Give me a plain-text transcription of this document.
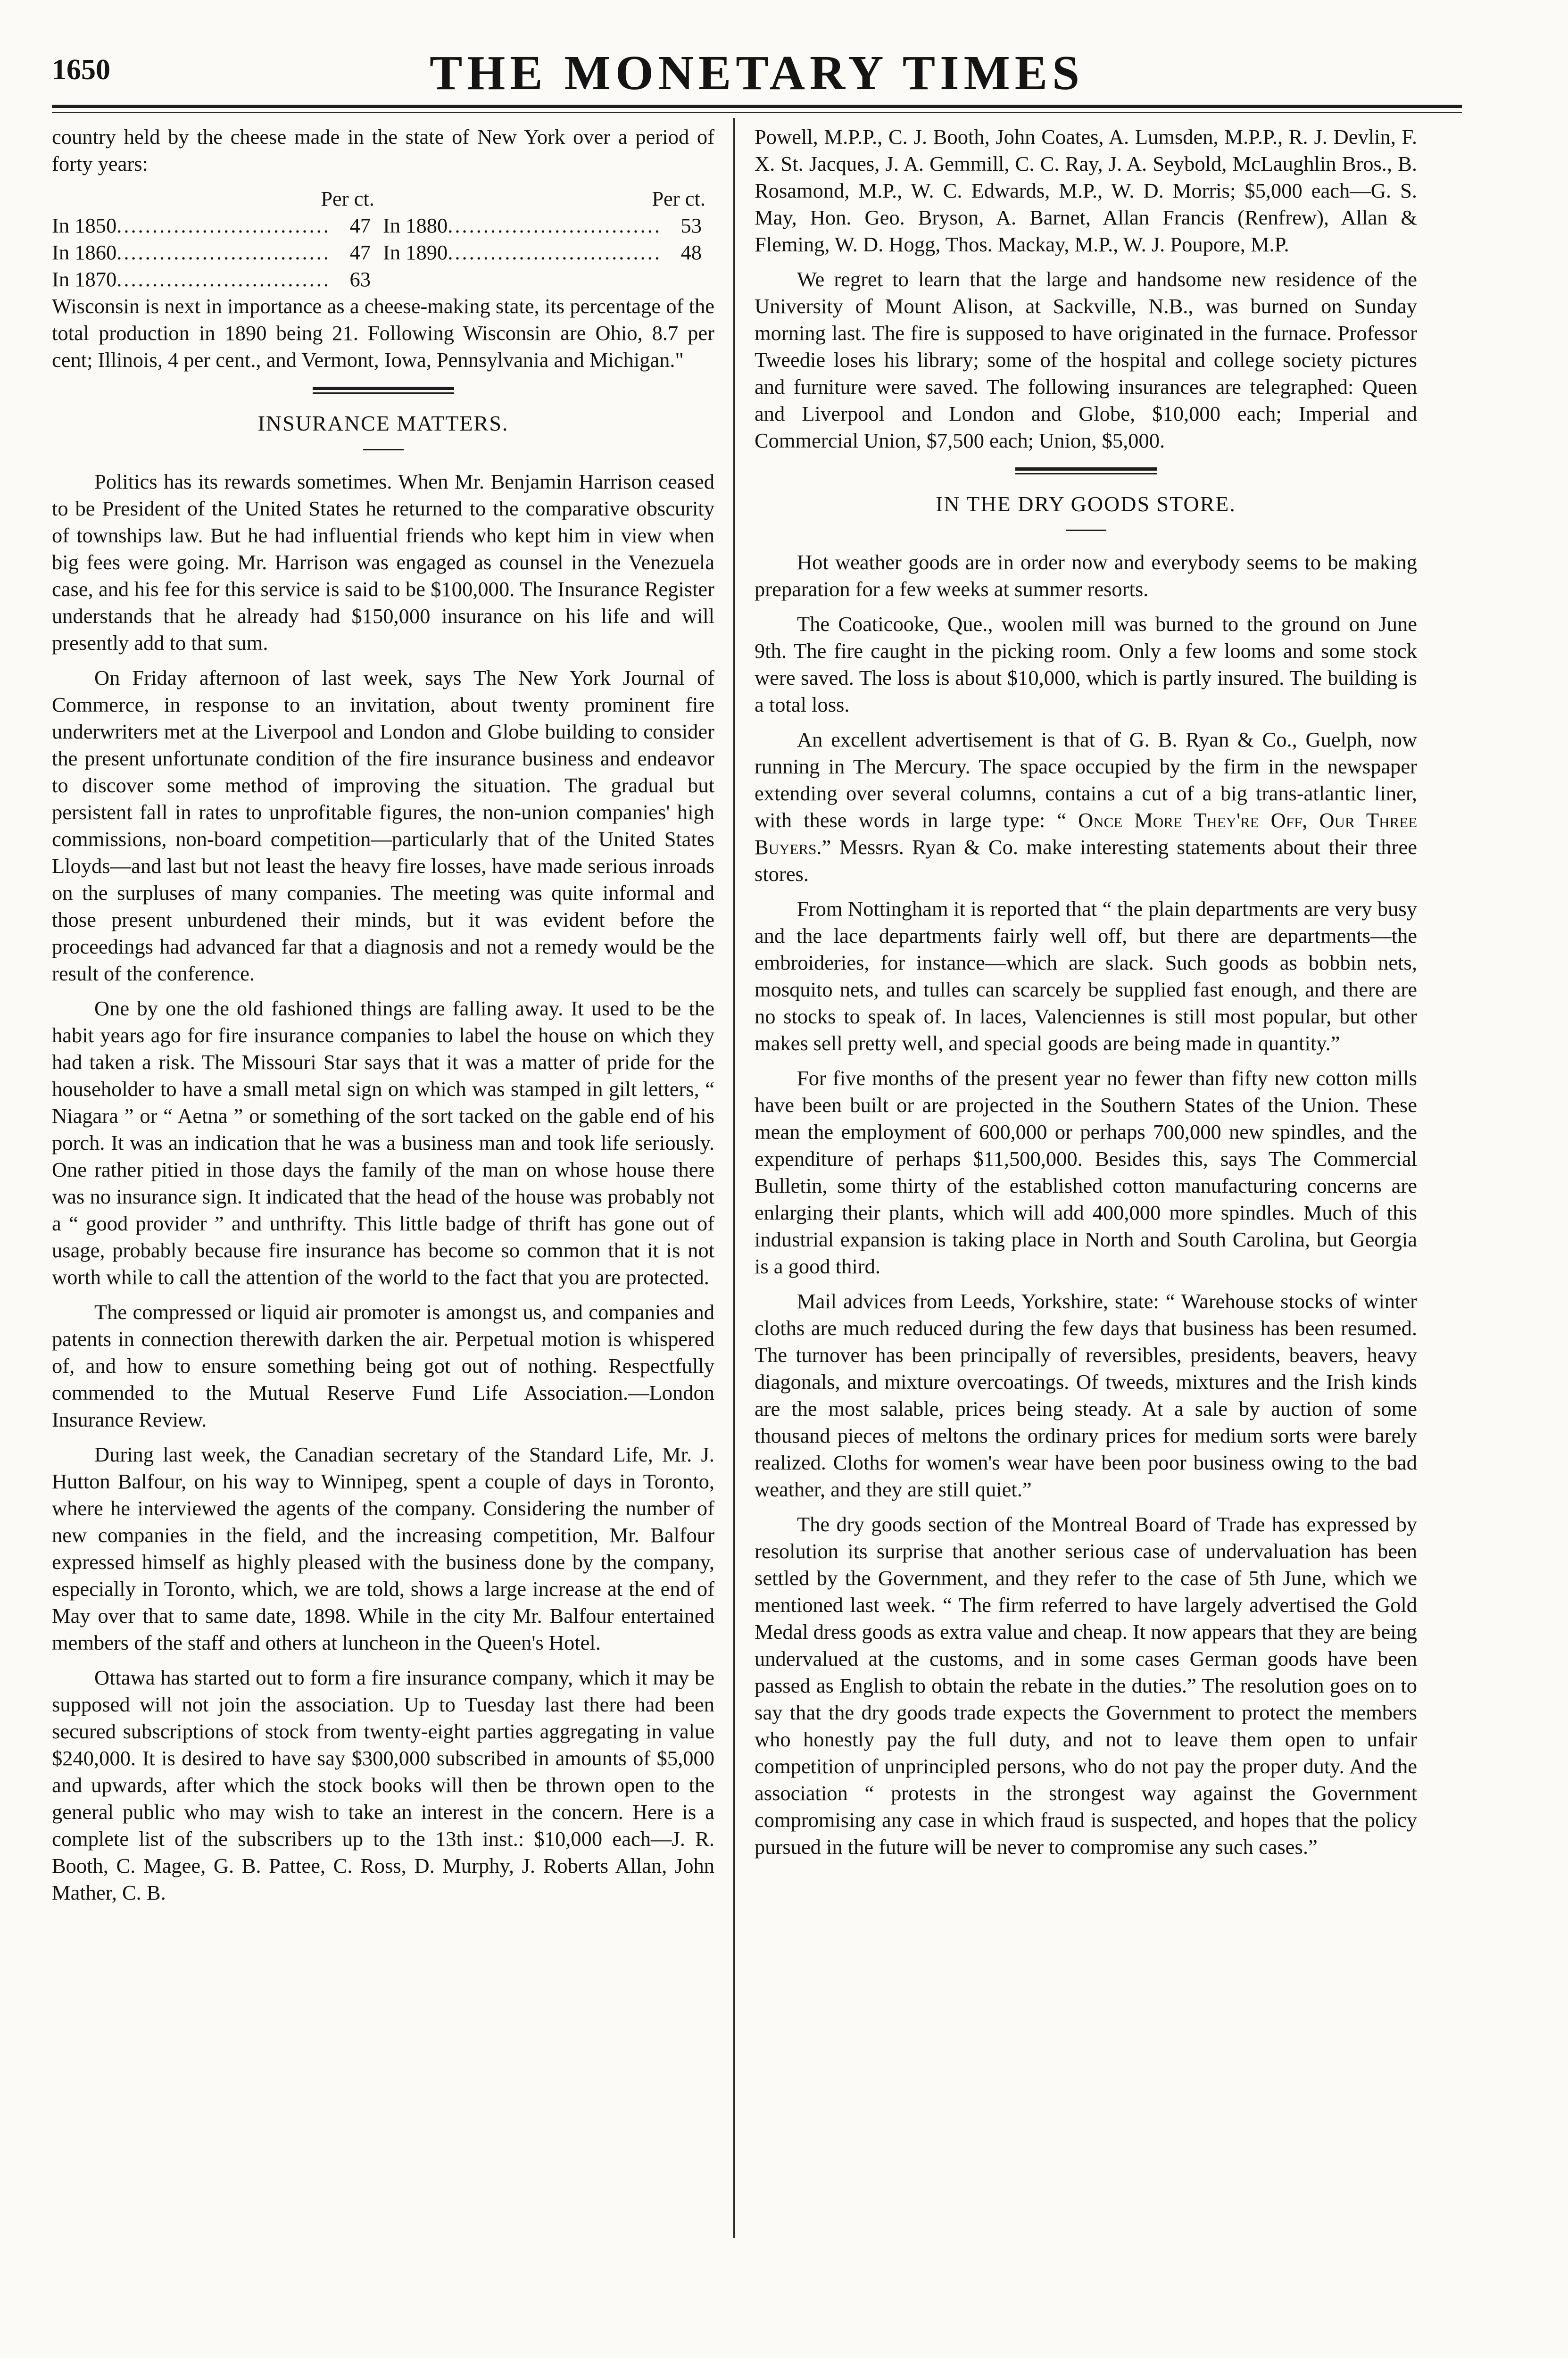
1650	THE MONETARY TIMES

country held by the cheese made in the state of New York over a period of forty years:

Per ct.	Per ct.
In 1850 .....	47 In 1880 .....	53
In 1860 .....	47 In 1890 .....	48
In 1870 .....	63

Wisconsin is next in importance as a cheese-making state, its percentage of the total production in 1890 being 21. Following Wisconsin are Ohio, 8.7 per cent; Illinois, 4 per cent., and Vermont, Iowa, Pennsylvania and Michigan."

INSURANCE MATTERS.

Politics has its rewards sometimes. When Mr. Benjamin Harrison ceased to be President of the United States he returned to the comparative obscurity of townships law. But he had influential friends who kept him in view when big fees were going. Mr. Harrison was engaged as counsel in the Venezuela case, and his fee for this service is said to be $100,000. The Insurance Register understands that he already had $150,000 insurance on his life and will presently add to that sum.

On Friday afternoon of last week, says The New York Journal of Commerce, in response to an invitation, about twenty prominent fire underwriters met at the Liverpool and London and Globe building to consider the present unfortunate condition of the fire insurance business and endeavor to discover some method of improving the situation. The gradual but persistent fall in rates to unprofitable figures, the non-union companies' high commissions, non-board competition—particularly that of the United States Lloyds—and last but not least the heavy fire losses, have made serious inroads on the surpluses of many companies. The meeting was quite informal and those present unburdened their minds, but it was evident before the proceedings had advanced far that a diagnosis and not a remedy would be the result of the conference.

One by one the old fashioned things are falling away. It used to be the habit years ago for fire insurance companies to label the house on which they had taken a risk. The Missouri Star says that it was a matter of pride for the householder to have a small metal sign on which was stamped in gilt letters, “ Niagara ” or “ Aetna ” or something of the sort tacked on the gable end of his porch. It was an indication that he was a business man and took life seriously. One rather pitied in those days the family of the man on whose house there was no insurance sign. It indicated that the head of the house was probably not a “ good provider ” and unthrifty. This little badge of thrift has gone out of usage, probably because fire insurance has become so common that it is not worth while to call the attention of the world to the fact that you are protected.

The compressed or liquid air promoter is amongst us, and companies and patents in connection therewith darken the air. Perpetual motion is whispered of, and how to ensure something being got out of nothing. Respectfully commended to the Mutual Reserve Fund Life Association.—London Insurance Review.

During last week, the Canadian secretary of the Standard Life, Mr. J. Hutton Balfour, on his way to Winnipeg, spent a couple of days in Toronto, where he interviewed the agents of the company. Considering the number of new companies in the field, and the increasing competition, Mr. Balfour expressed himself as highly pleased with the business done by the company, especially in Toronto, which, we are told, shows a large increase at the end of May over that to same date, 1898. While in the city Mr. Balfour entertained members of the staff and others at luncheon in the Queen's Hotel.

Ottawa has started out to form a fire insurance company, which it may be supposed will not join the association. Up to Tuesday last there had been secured subscriptions of stock from twenty-eight parties aggregating in value $240,000. It is desired to have say $300,000 subscribed in amounts of $5,000 and upwards, after which the stock books will then be thrown open to the general public who may wish to take an interest in the concern. Here is a complete list of the subscribers up to the 13th inst.: $10,000 each—J. R. Booth, C. Magee, G. B. Pattee, C. Ross, D. Murphy, J. Roberts Allan, John Mather, C. B.

Powell, M.P.P., C. J. Booth, John Coates, A. Lumsden, M.P.P., R. J. Devlin, F. X. St. Jacques, J. A. Gemmill, C. C. Ray, J. A. Seybold, McLaughlin Bros., B. Rosamond, M.P., W. C. Edwards, M.P., W. D. Morris; $5,000 each—G. S. May, Hon. Geo. Bryson, A. Barnet, Allan Francis (Renfrew), Allan & Fleming, W. D. Hogg, Thos. Mackay, M.P., W. J. Poupore, M.P.

We regret to learn that the large and handsome new residence of the University of Mount Alison, at Sackville, N.B., was burned on Sunday morning last. The fire is supposed to have originated in the furnace. Professor Tweedie loses his library; some of the hospital and college society pictures and furniture were saved. The following insurances are telegraphed: Queen and Liverpool and London and Globe, $10,000 each; Imperial and Commercial Union, $7,500 each; Union, $5,000.

IN THE DRY GOODS STORE.

Hot weather goods are in order now and everybody seems to be making preparation for a few weeks at summer resorts.

The Coaticooke, Que., woolen mill was burned to the ground on June 9th. The fire caught in the picking room. Only a few looms and some stock were saved. The loss is about $10,000, which is partly insured. The building is a total loss.

An excellent advertisement is that of G. B. Ryan & Co., Guelph, now running in The Mercury. The space occupied by the firm in the newspaper extending over several columns, contains a cut of a big trans-atlantic liner, with these words in large type: “ Once More They're Off, Our Three Buyers.” Messrs. Ryan & Co. make interesting statements about their three stores.

From Nottingham it is reported that “ the plain departments are very busy and the lace departments fairly well off, but there are departments—the embroideries, for instance—which are slack. Such goods as bobbin nets, mosquito nets, and tulles can scarcely be supplied fast enough, and there are no stocks to speak of. In laces, Valenciennes is still most popular, but other makes sell pretty well, and special goods are being made in quantity.”

For five months of the present year no fewer than fifty new cotton mills have been built or are projected in the Southern States of the Union. These mean the employment of 600,000 or perhaps 700,000 new spindles, and the expenditure of perhaps $11,500,000. Besides this, says The Commercial Bulletin, some thirty of the established cotton manufacturing concerns are enlarging their plants, which will add 400,000 more spindles. Much of this industrial expansion is taking place in North and South Carolina, but Georgia is a good third.

Mail advices from Leeds, Yorkshire, state: “ Warehouse stocks of winter cloths are much reduced during the few days that business has been resumed. The turnover has been principally of reversibles, presidents, beavers, heavy diagonals, and mixture overcoatings. Of tweeds, mixtures and the Irish kinds are the most salable, prices being steady. At a sale by auction of some thousand pieces of meltons the ordinary prices for medium sorts were barely realized. Cloths for women's wear have been poor business owing to the bad weather, and they are still quiet.”

The dry goods section of the Montreal Board of Trade has expressed by resolution its surprise that another serious case of undervaluation has been settled by the Government, and they refer to the case of 5th June, which we mentioned last week. “ The firm referred to have largely advertised the Gold Medal dress goods as extra value and cheap. It now appears that they are being undervalued at the customs, and in some cases German goods have been passed as English to obtain the rebate in the duties.” The resolution goes on to say that the dry goods trade expects the Government to protect the members who honestly pay the full duty, and not to leave them open to unfair competition of unprincipled persons, who do not pay the proper duty. And the association “ protests in the strongest way against the Government compromising any case in which fraud is suspected, and hopes that the policy pursued in the future will be never to compromise any such cases.”
